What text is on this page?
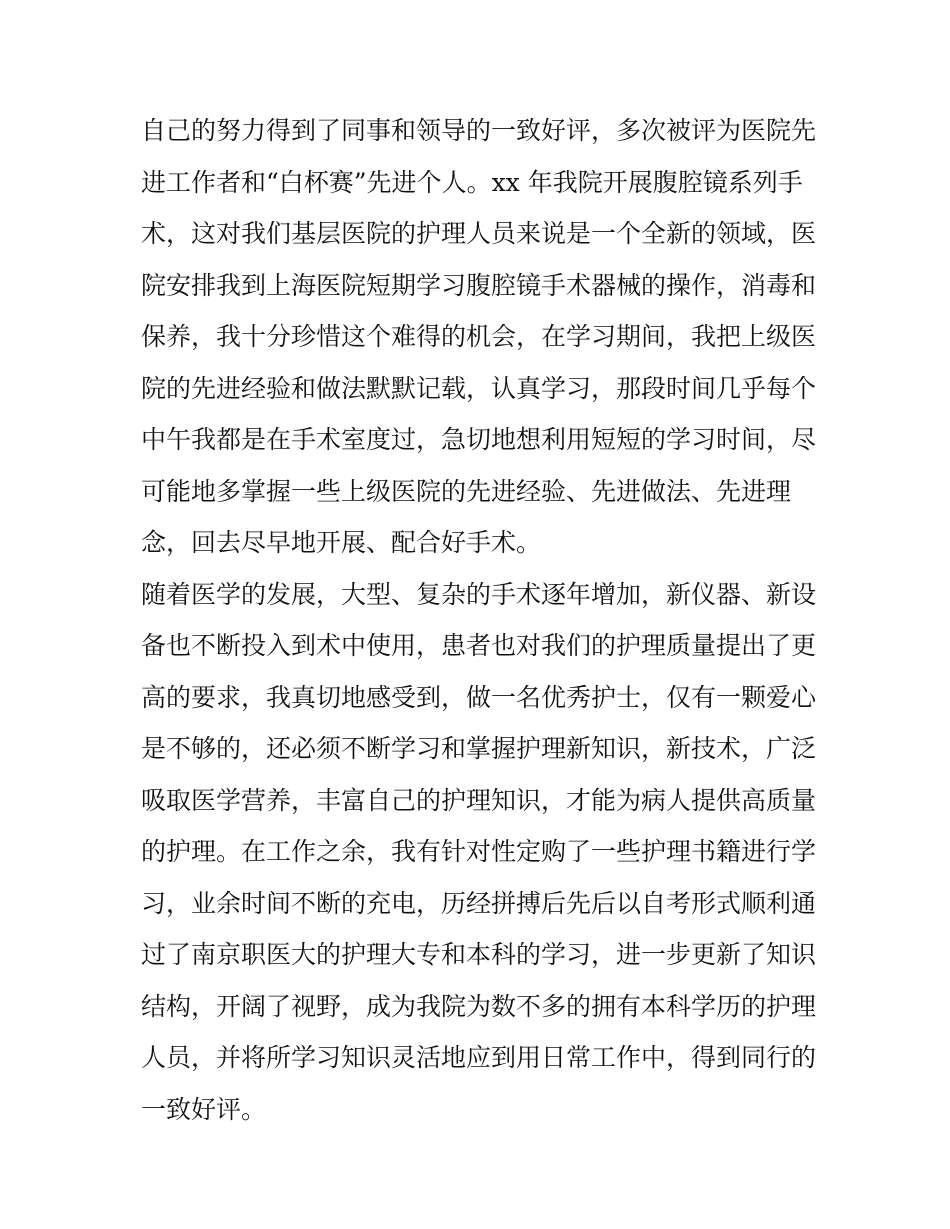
自己的努力得到了同事和领导的一致好评，多次被评为医院先
进工作者和“白杯赛”先进个人。xx 年我院开展腹腔镜系列手
术，这对我们基层医院的护理人员来说是一个全新的领域，医
院安排我到上海医院短期学习腹腔镜手术器械的操作，消毒和
保养，我十分珍惜这个难得的机会，在学习期间，我把上级医
院的先进经验和做法默默记载，认真学习，那段时间几乎每个
中午我都是在手术室度过，急切地想利用短短的学习时间，尽
可能地多掌握一些上级医院的先进经验、先进做法、先进理
念，回去尽早地开展、配合好手术。
随着医学的发展，大型、复杂的手术逐年增加，新仪器、新设
备也不断投入到术中使用，患者也对我们的护理质量提出了更
高的要求，我真切地感受到，做一名优秀护士，仅有一颗爱心
是不够的，还必须不断学习和掌握护理新知识，新技术，广泛
吸取医学营养，丰富自己的护理知识，才能为病人提供高质量
的护理。在工作之余，我有针对性定购了一些护理书籍进行学
习，业余时间不断的充电，历经拼搏后先后以自考形式顺利通
过了南京职医大的护理大专和本科的学习，进一步更新了知识
结构，开阔了视野，成为我院为数不多的拥有本科学历的护理
人员，并将所学习知识灵活地应到用日常工作中，得到同行的
一致好评。
